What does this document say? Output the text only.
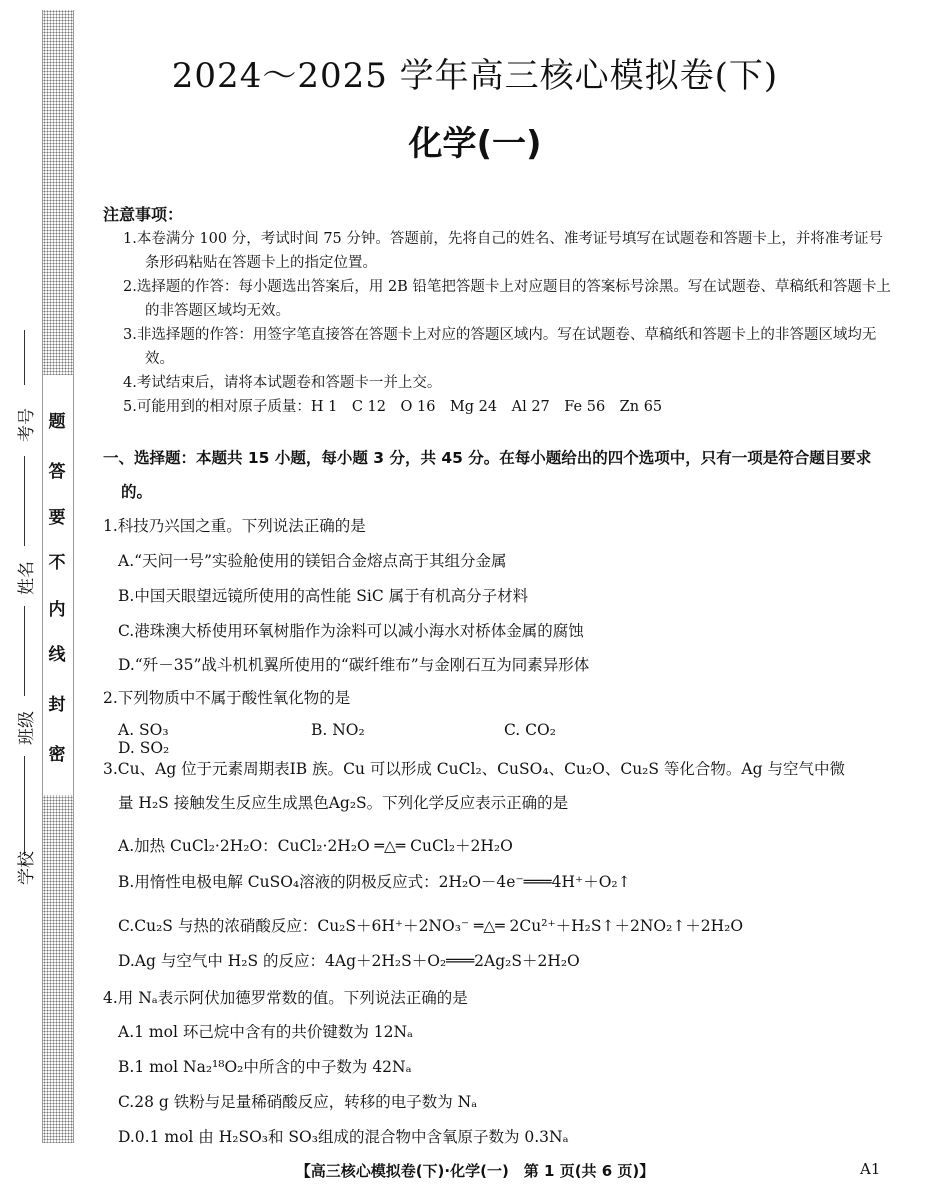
题
答
要
不
内
线
封
密
考号
姓名
班级
学校
2024～2025 学年高三核心模拟卷(下)
化学(一)
注意事项：
1.本卷满分 100 分，考试时间 75 分钟。答题前，先将自己的姓名、准考证号填写在试题卷和答题卡上，并将准考证号条形码粘贴在答题卡上的指定位置。
2.选择题的作答：每小题选出答案后，用 2B 铅笔把答题卡上对应题目的答案标号涂黑。写在试题卷、草稿纸和答题卡上的非答题区域均无效。
3.非选择题的作答：用签字笔直接答在答题卡上对应的答题区域内。写在试题卷、草稿纸和答题卡上的非答题区域均无效。
4.考试结束后，请将本试题卷和答题卡一并上交。
5.可能用到的相对原子质量：H 1　C 12　O 16　Mg 24　Al 27　Fe 56　Zn 65
一、选择题：本题共 15 小题，每小题 3 分，共 45 分。在每小题给出的四个选项中，只有一项是符合题目要求的。
1.科技乃兴国之重。下列说法正确的是
A.“天问一号”实验舱使用的镁铝合金熔点高于其组分金属
B.中国天眼望远镜所使用的高性能 SiC 属于有机高分子材料
C.港珠澳大桥使用环氧树脂作为涂料可以减小海水对桥体金属的腐蚀
D.“歼－35”战斗机机翼所使用的“碳纤维布”与金刚石互为同素异形体
2.下列物质中不属于酸性氧化物的是
A. SO₃	B. NO₂	C. CO₂D. SO₂
3.Cu、Ag 位于元素周期表ⅠB 族。Cu 可以形成 CuCl₂、CuSO₄、Cu₂O、Cu₂S 等化合物。Ag 与空气中微
量 H₂S 接触发生反应生成黑色Ag₂S。下列化学反应表示正确的是
A.加热 CuCl₂·2H₂O：CuCl₂·2H₂O ═△═ CuCl₂＋2H₂O
B.用惰性电极电解 CuSO₄溶液的阴极反应式：2H₂O－4e⁻═══4H⁺＋O₂↑
C.Cu₂S 与热的浓硝酸反应：Cu₂S＋6H⁺＋2NO₃⁻ ═△═ 2Cu²⁺＋H₂S↑＋2NO₂↑＋2H₂O
D.Ag 与空气中 H₂S 的反应：4Ag＋2H₂S＋O₂═══2Ag₂S＋2H₂O
4.用 Nₐ表示阿伏加德罗常数的值。下列说法正确的是
A.1 mol 环己烷中含有的共价键数为 12Nₐ
B.1 mol Na₂¹⁸O₂中所含的中子数为 42Nₐ
C.28 g 铁粉与足量稀硝酸反应，转移的电子数为 Nₐ
D.0.1 mol 由 H₂SO₃和 SO₃组成的混合物中含氧原子数为 0.3Nₐ
【高三核心模拟卷(下)·化学(一)　第 1 页(共 6 页)】	A1
